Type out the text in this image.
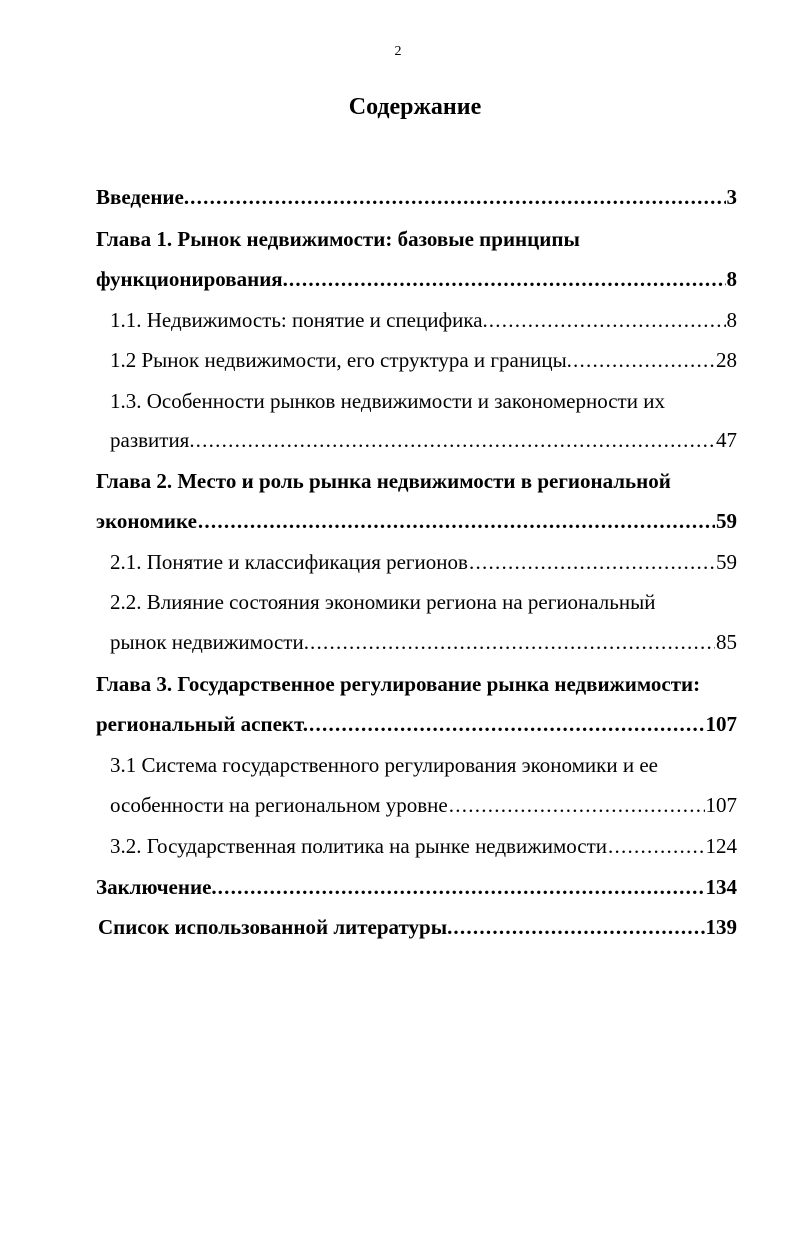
2
Содержание
Введение. . . .	3
Глава 1. Рынок недвижимости: базовые принципы
функционирования. . . .	8
1.1. Недвижимость: понятие и специфика. . . .	8
1.2 Рынок недвижимости, его структура и границы. . . .	28
1.3. Особенности рынков недвижимости и закономерности их
развития. . . .	47
Глава 2. Место и роль рынка недвижимости в региональной
экономике . . .	59
2.1. Понятие и классификация регионов . . .	59
2.2. Влияние состояния экономики региона на региональный
рынок недвижимости. . . .	85
Глава 3. Государственное регулирование рынка недвижимости:
региональный аспект. . . .	107
3.1 Система государственного регулирования экономики и ее
особенности на региональном уровне . . .	107
3.2. Государственная политика на рынке недвижимости . . .	124
Заключение. . . .	134
Список использованной литературы. . . .	139
